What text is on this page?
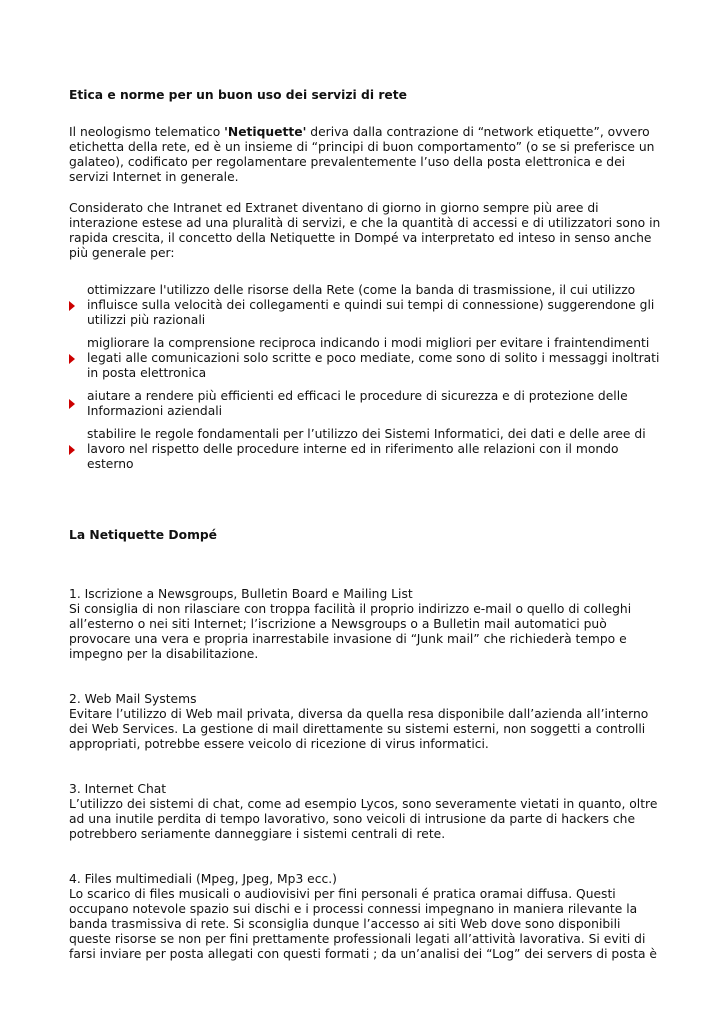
Etica e norme per un buon uso dei servizi di rete

Il neologismo telematico 'Netiquette' deriva dalla contrazione di “network etiquette”, ovvero etichetta della rete, ed è un insieme di “principi di buon comportamento” (o se si preferisce un galateo), codificato per regolamentare prevalentemente l’uso della posta elettronica e dei servizi Internet in generale.

Considerato che Intranet ed Extranet diventano di giorno in giorno sempre più aree di interazione estese ad una pluralità di servizi, e che la quantità di accessi e di utilizzatori sono in rapida crescita, il concetto della Netiquette in Dompé va interpretato ed inteso in senso anche più generale per:

ottimizzare l'utilizzo delle risorse della Rete (come la banda di trasmissione, il cui utilizzo influisce sulla velocità dei collegamenti e quindi sui tempi di connessione) suggerendone gli utilizzi più razionali
migliorare la comprensione reciproca indicando i modi migliori per evitare i fraintendimenti legati alle comunicazioni solo scritte e poco mediate, come sono di solito i messaggi inoltrati in posta elettronica
aiutare a rendere più efficienti ed efficaci le procedure di sicurezza e di protezione delle Informazioni aziendali
stabilire le regole fondamentali per l’utilizzo dei Sistemi Informatici, dei dati e delle aree di lavoro nel rispetto delle procedure interne ed in riferimento alle relazioni con il mondo esterno
La Netiquette Dompé
1. Iscrizione a Newsgroups, Bulletin Board e Mailing List
Si consiglia di non rilasciare con troppa facilità il proprio indirizzo e-mail o quello di colleghi all’esterno o nei siti Internet; l’iscrizione a Newsgroups o a Bulletin mail automatici può provocare una vera e propria inarrestabile invasione di “Junk mail” che richiederà tempo e impegno per la disabilitazione.
2. Web Mail Systems
Evitare l’utilizzo di Web mail privata, diversa da quella resa disponibile dall’azienda all’interno dei Web Services. La gestione di mail direttamente su sistemi esterni, non soggetti a controlli appropriati, potrebbe essere veicolo di ricezione di virus informatici.
3. Internet Chat
L’utilizzo dei sistemi di chat, come ad esempio Lycos, sono severamente vietati in quanto, oltre ad una inutile perdita di tempo lavorativo, sono veicoli di intrusione da parte di hackers che potrebbero seriamente danneggiare i sistemi centrali di rete.
4. Files multimediali (Mpeg, Jpeg, Mp3 ecc.)
Lo scarico di files musicali o audiovisivi per fini personali é pratica oramai diffusa. Questi occupano notevole spazio sui dischi e i processi connessi impegnano in maniera rilevante la banda trasmissiva di rete. Si sconsiglia dunque l’accesso ai siti Web dove sono disponibili queste risorse se non per fini prettamente professionali legati all’attività lavorativa. Si eviti di farsi inviare per posta allegati con questi formati ; da un’analisi dei “Log” dei servers di posta è
